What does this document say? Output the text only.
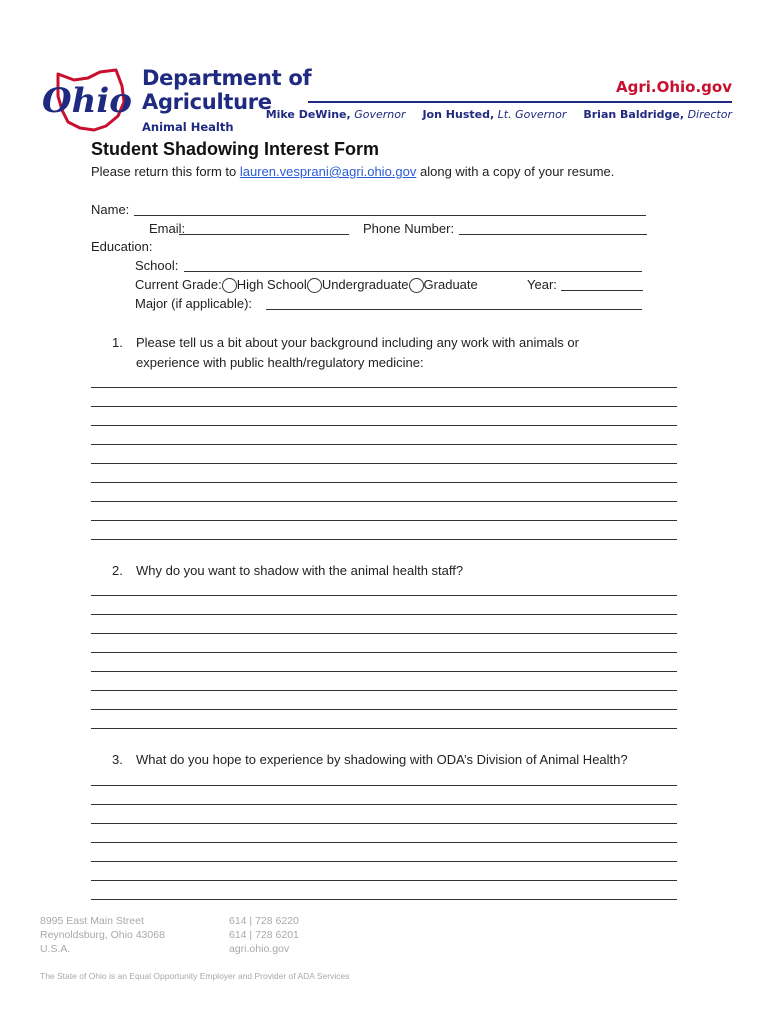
Ohio
Department of
Agriculture
Animal Health
Agri.Ohio.gov
Mike DeWine, Governor Jon Husted, Lt. Governor Brian Baldridge, Director
Student Shadowing Interest Form
Please return this form to lauren.vesprani@agri.ohio.gov along with a copy of your resume.
Name:
Email:	Phone Number:
Education:
School:
Current Grade: High School Undergraduate Graduate	Year:
Major (if applicable):
1. Please tell us a bit about your background including any work with animals or
experience with public health/regulatory medicine:
2. Why do you want to shadow with the animal health staff?
3. What do you hope to experience by shadowing with ODA’s Division of Animal Health?
8995 East Main Street
Reynoldsburg, Ohio 43068
U.S.A.
614 | 728 6220
614 | 728 6201
agri.ohio.gov
The State of Ohio is an Equal Opportunity Employer and Provider of ADA Services
